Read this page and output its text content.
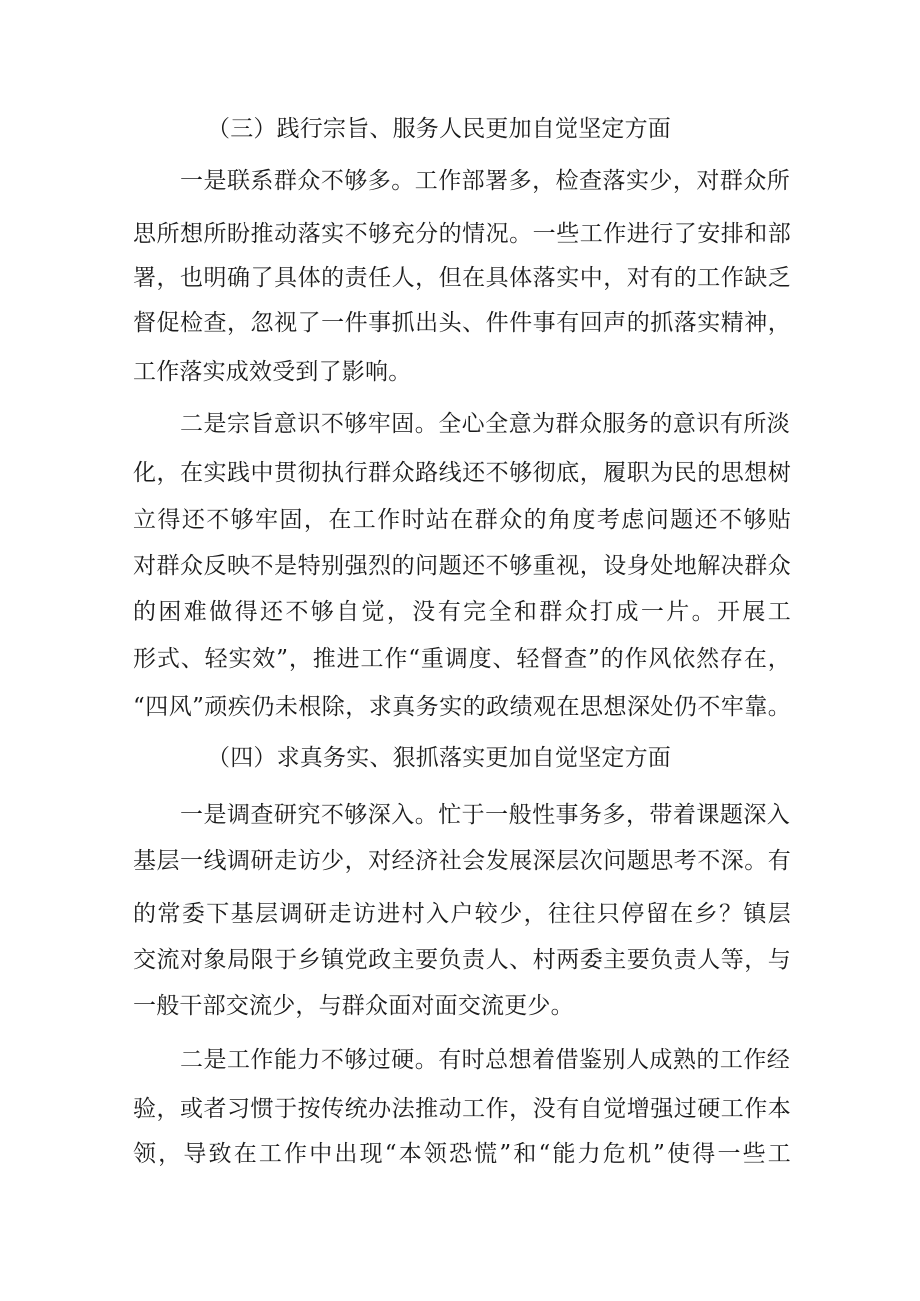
（三）践行宗旨、服务人民更加自觉坚定方面
一是联系群众不够多。工作部署多，检查落实少，对群众所
思所想所盼推动落实不够充分的情况。一些工作进行了安排和部
署，也明确了具体的责任人，但在具体落实中，对有的工作缺乏
督促检查，忽视了一件事抓出头、件件事有回声的抓落实精神，
工作落实成效受到了影响。
二是宗旨意识不够牢固。全心全意为群众服务的意识有所淡
化，在实践中贯彻执行群众路线还不够彻底，履职为民的思想树
立得还不够牢固，在工作时站在群众的角度考虑问题还不够贴
对群众反映不是特别强烈的问题还不够重视，设身处地解决群众
的困难做得还不够自觉，没有完全和群众打成一片。开展工
形式、轻实效”，推进工作“重调度、轻督查”的作风依然存在，
“四风”顽疾仍未根除，求真务实的政绩观在思想深处仍不牢靠。
（四）求真务实、狠抓落实更加自觉坚定方面
一是调查研究不够深入。忙于一般性事务多，带着课题深入
基层一线调研走访少，对经济社会发展深层次问题思考不深。有
的常委下基层调研走访进村入户较少，往往只停留在乡？镇层
交流对象局限于乡镇党政主要负责人、村两委主要负责人等，与
一般干部交流少，与群众面对面交流更少。
二是工作能力不够过硬。有时总想着借鉴别人成熟的工作经
验，或者习惯于按传统办法推动工作，没有自觉增强过硬工作本
领，导致在工作中出现“本领恐慌”和“能力危机”使得一些工
